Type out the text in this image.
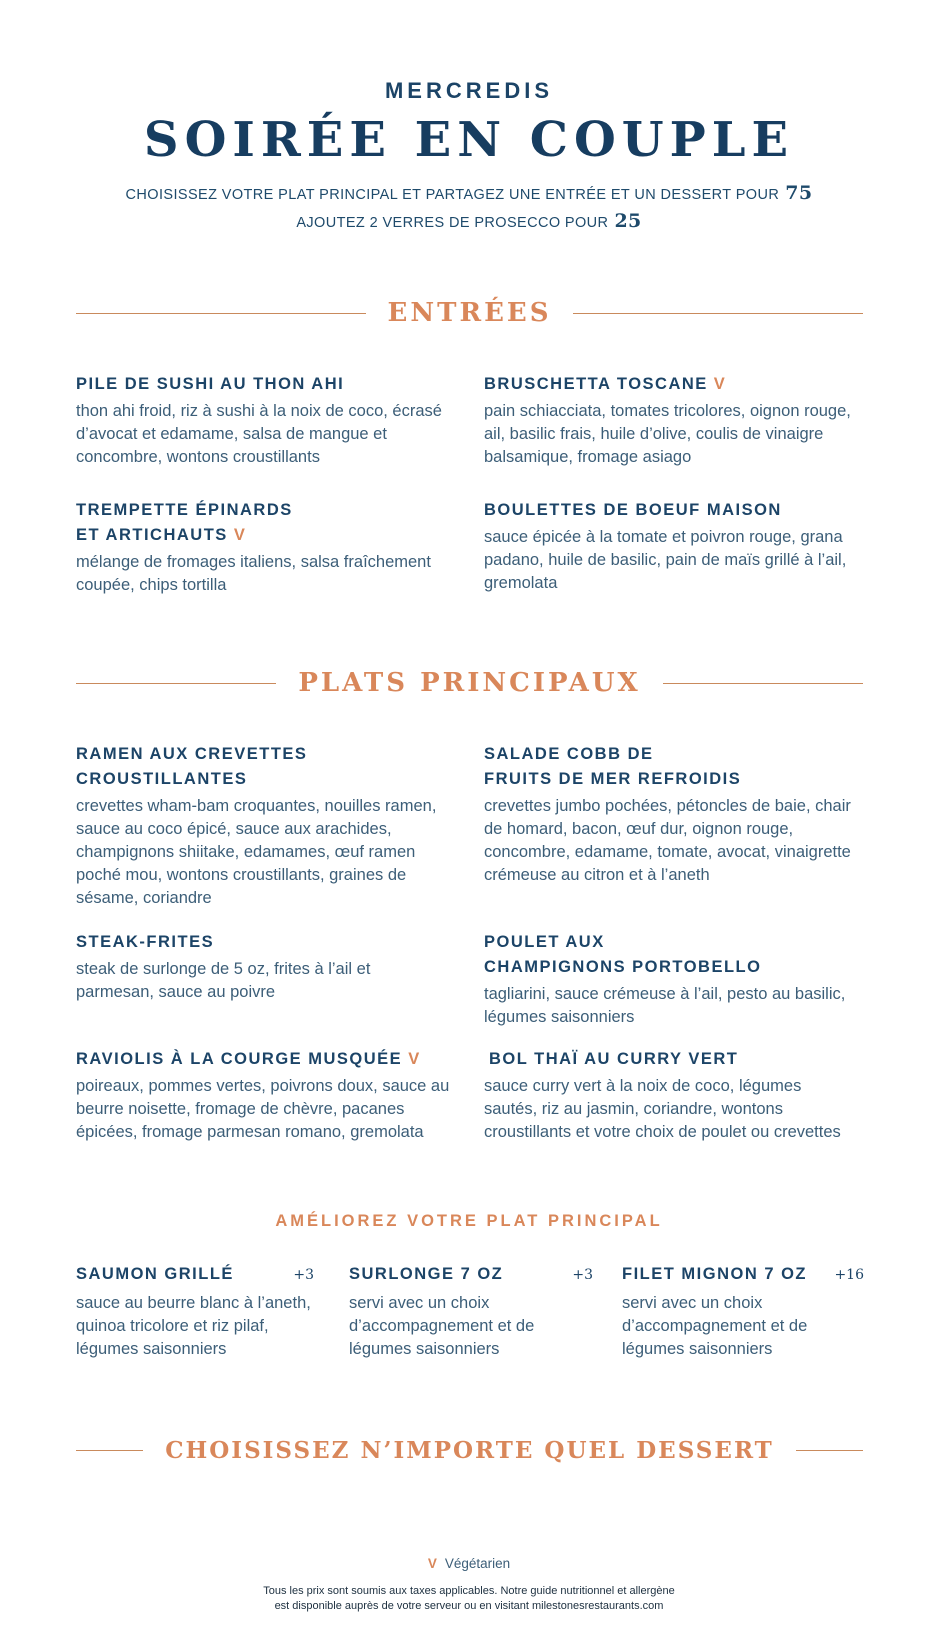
MERCREDIS
SOIRÉE EN COUPLE
CHOISISSEZ VOTRE PLAT PRINCIPAL ET PARTAGEZ UNE ENTRÉE ET UN DESSERT POUR 75
AJOUTEZ 2 VERRES DE PROSECCO POUR 25
ENTRÉES
PILE DE SUSHI AU THON AHI

thon ahi froid, riz à sushi à la noix de coco, écrasé d’avocat et edamame, salsa de mangue et concombre, wontons croustillants

BRUSCHETTA TOSCANE V

pain schiacciata, tomates tricolores, oignon rouge, ail, basilic frais, huile d’olive, coulis de vinaigre balsamique, fromage asiago

TREMPETTE ÉPINARDS
ET ARTICHAUTS V

mélange de fromages italiens, salsa fraîchement coupée, chips tortilla

BOULETTES DE BOEUF MAISON

sauce épicée à la tomate et poivron rouge, grana padano, huile de basilic, pain de maïs grillé à l’ail, gremolata

PLATS PRINCIPAUX
RAMEN AUX CREVETTES
CROUSTILLANTES

crevettes wham-bam croquantes, nouilles ramen, sauce au coco épicé, sauce aux arachides, champignons shiitake, edamames, œuf ramen poché mou, wontons croustillants, graines de sésame, coriandre

SALADE COBB DE
FRUITS DE MER REFROIDIS

crevettes jumbo pochées, pétoncles de baie, chair de homard, bacon, œuf dur, oignon rouge, concombre, edamame, tomate, avocat, vinaigrette crémeuse au citron et à l’aneth

STEAK-FRITES

steak de surlonge de 5 oz, frites à l’ail et parmesan, sauce au poivre

POULET AUX
CHAMPIGNONS PORTOBELLO

tagliarini, sauce crémeuse à l’ail, pesto au basilic, légumes saisonniers

RAVIOLIS À LA COURGE MUSQUÉE V

poireaux, pommes vertes, poivrons doux, sauce au beurre noisette, fromage de chèvre, pacanes épicées, fromage parmesan romano, gremolata

BOL THAÏ AU CURRY VERT

sauce curry vert à la noix de coco, légumes sautés, riz au jasmin, coriandre, wontons croustillants et votre choix de poulet ou crevettes

AMÉLIOREZ VOTRE PLAT PRINCIPAL
SAUMON GRILLÉ	+3

sauce au beurre blanc à l’aneth, quinoa tricolore et riz pilaf, légumes saisonniers

SURLONGE 7 OZ	+3

servi avec un choix d’accompagnement et de légumes saisonniers

FILET MIGNON 7 OZ +16

servi avec un choix d’accompagnement et de légumes saisonniers

CHOISISSEZ N’IMPORTE QUEL DESSERT
V Végétarien
Tous les prix sont soumis aux taxes applicables. Notre guide nutritionnel et allergène
est disponible auprès de votre serveur ou en visitant milestonesrestaurants.com
